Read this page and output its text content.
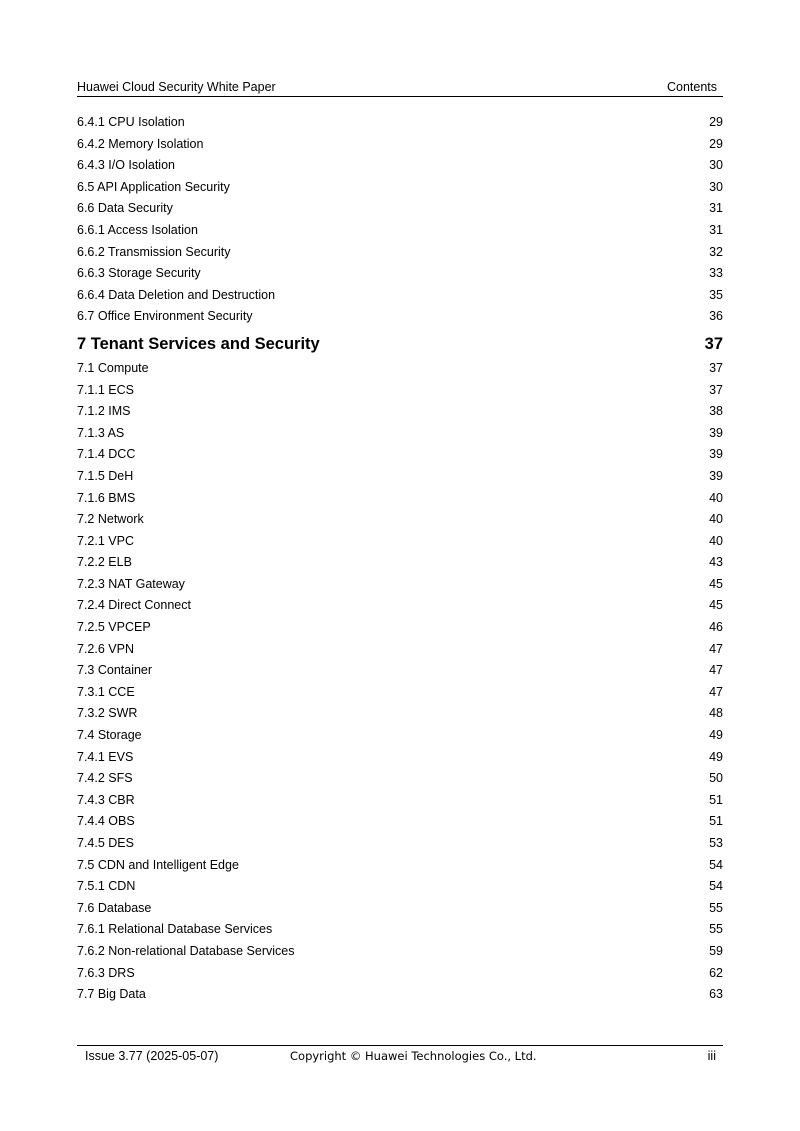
Huawei Cloud Security White Paper	Contents
6.4.1 CPU Isolation	29
6.4.2 Memory Isolation	29
6.4.3 I/O Isolation	30
6.5 API Application Security	30
6.6 Data Security	31
6.6.1 Access Isolation	31
6.6.2 Transmission Security	32
6.6.3 Storage Security	33
6.6.4 Data Deletion and Destruction	35
6.7 Office Environment Security	36
7 Tenant Services and Security	37
7.1 Compute	37
7.1.1 ECS	37
7.1.2 IMS	38
7.1.3 AS	39
7.1.4 DCC	39
7.1.5 DeH	39
7.1.6 BMS	40
7.2 Network	40
7.2.1 VPC	40
7.2.2 ELB	43
7.2.3 NAT Gateway	45
7.2.4 Direct Connect	45
7.2.5 VPCEP	46
7.2.6 VPN	47
7.3 Container	47
7.3.1 CCE	47
7.3.2 SWR	48
7.4 Storage	49
7.4.1 EVS	49
7.4.2 SFS	50
7.4.3 CBR	51
7.4.4 OBS	51
7.4.5 DES	53
7.5 CDN and Intelligent Edge	54
7.5.1 CDN	54
7.6 Database	55
7.6.1 Relational Database Services	55
7.6.2 Non-relational Database Services	59
7.6.3 DRS	62
7.7 Big Data	63
Issue 3.77 (2025-05-07)	Copyright © Huawei Technologies Co., Ltd.	iii
